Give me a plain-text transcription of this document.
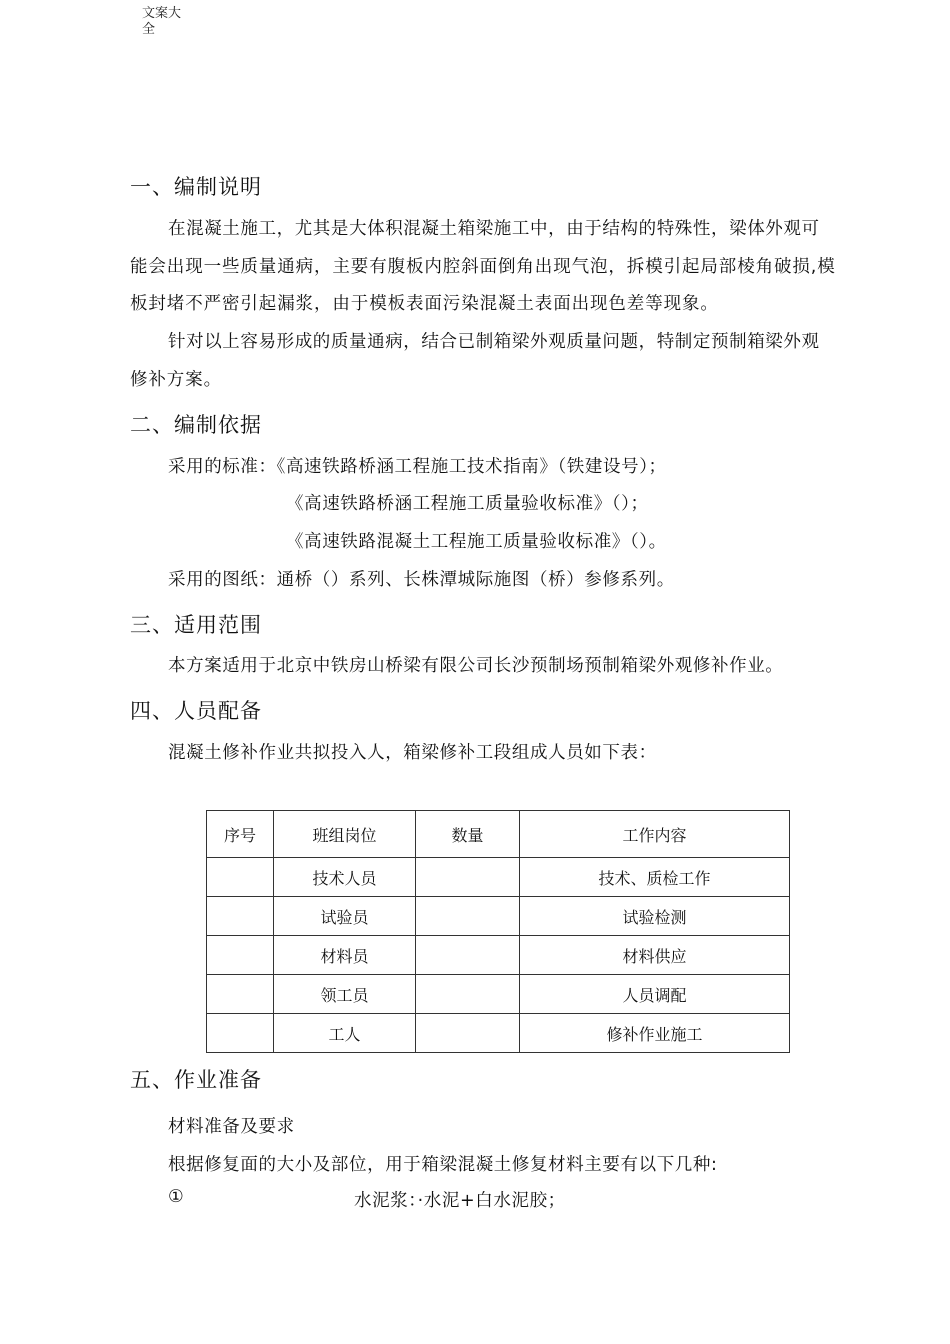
文案大全
一、编制说明
在混凝土施工，尤其是大体积混凝土箱梁施工中，由于结构的特殊性，梁体外观可
能会出现一些质量通病，主要有腹板内腔斜面倒角出现气泡，拆模引起局部棱角破损,模
板封堵不严密引起漏浆，由于模板表面污染混凝土表面出现色差等现象。
针对以上容易形成的质量通病，结合已制箱梁外观质量问题，特制定预制箱梁外观
修补方案。
二、编制依据
采用的标准：《高速铁路桥涵工程施工技术指南》（铁建设号）；
《高速铁路桥涵工程施工质量验收标准》（）；
《高速铁路混凝土工程施工质量验收标准》（）。
采用的图纸：通桥（）系列、长株潭城际施图（桥）参修系列。
三、适用范围
本方案适用于北京中铁房山桥梁有限公司长沙预制场预制箱梁外观修补作业。
四、人员配备
混凝土修补作业共拟投入人，箱梁修补工段组成人员如下表：
序号	班组岗位	数量	工作内容
	技术人员		技术、质检工作
	试验员		试验检测
	材料员		材料供应
	领工员		人员调配
	工人		修补作业施工
五、作业准备
材料准备及要求
根据修复面的大小及部位，用于箱梁混凝土修复材料主要有以下几种:
①	水泥浆：·水泥+白水泥胶；
